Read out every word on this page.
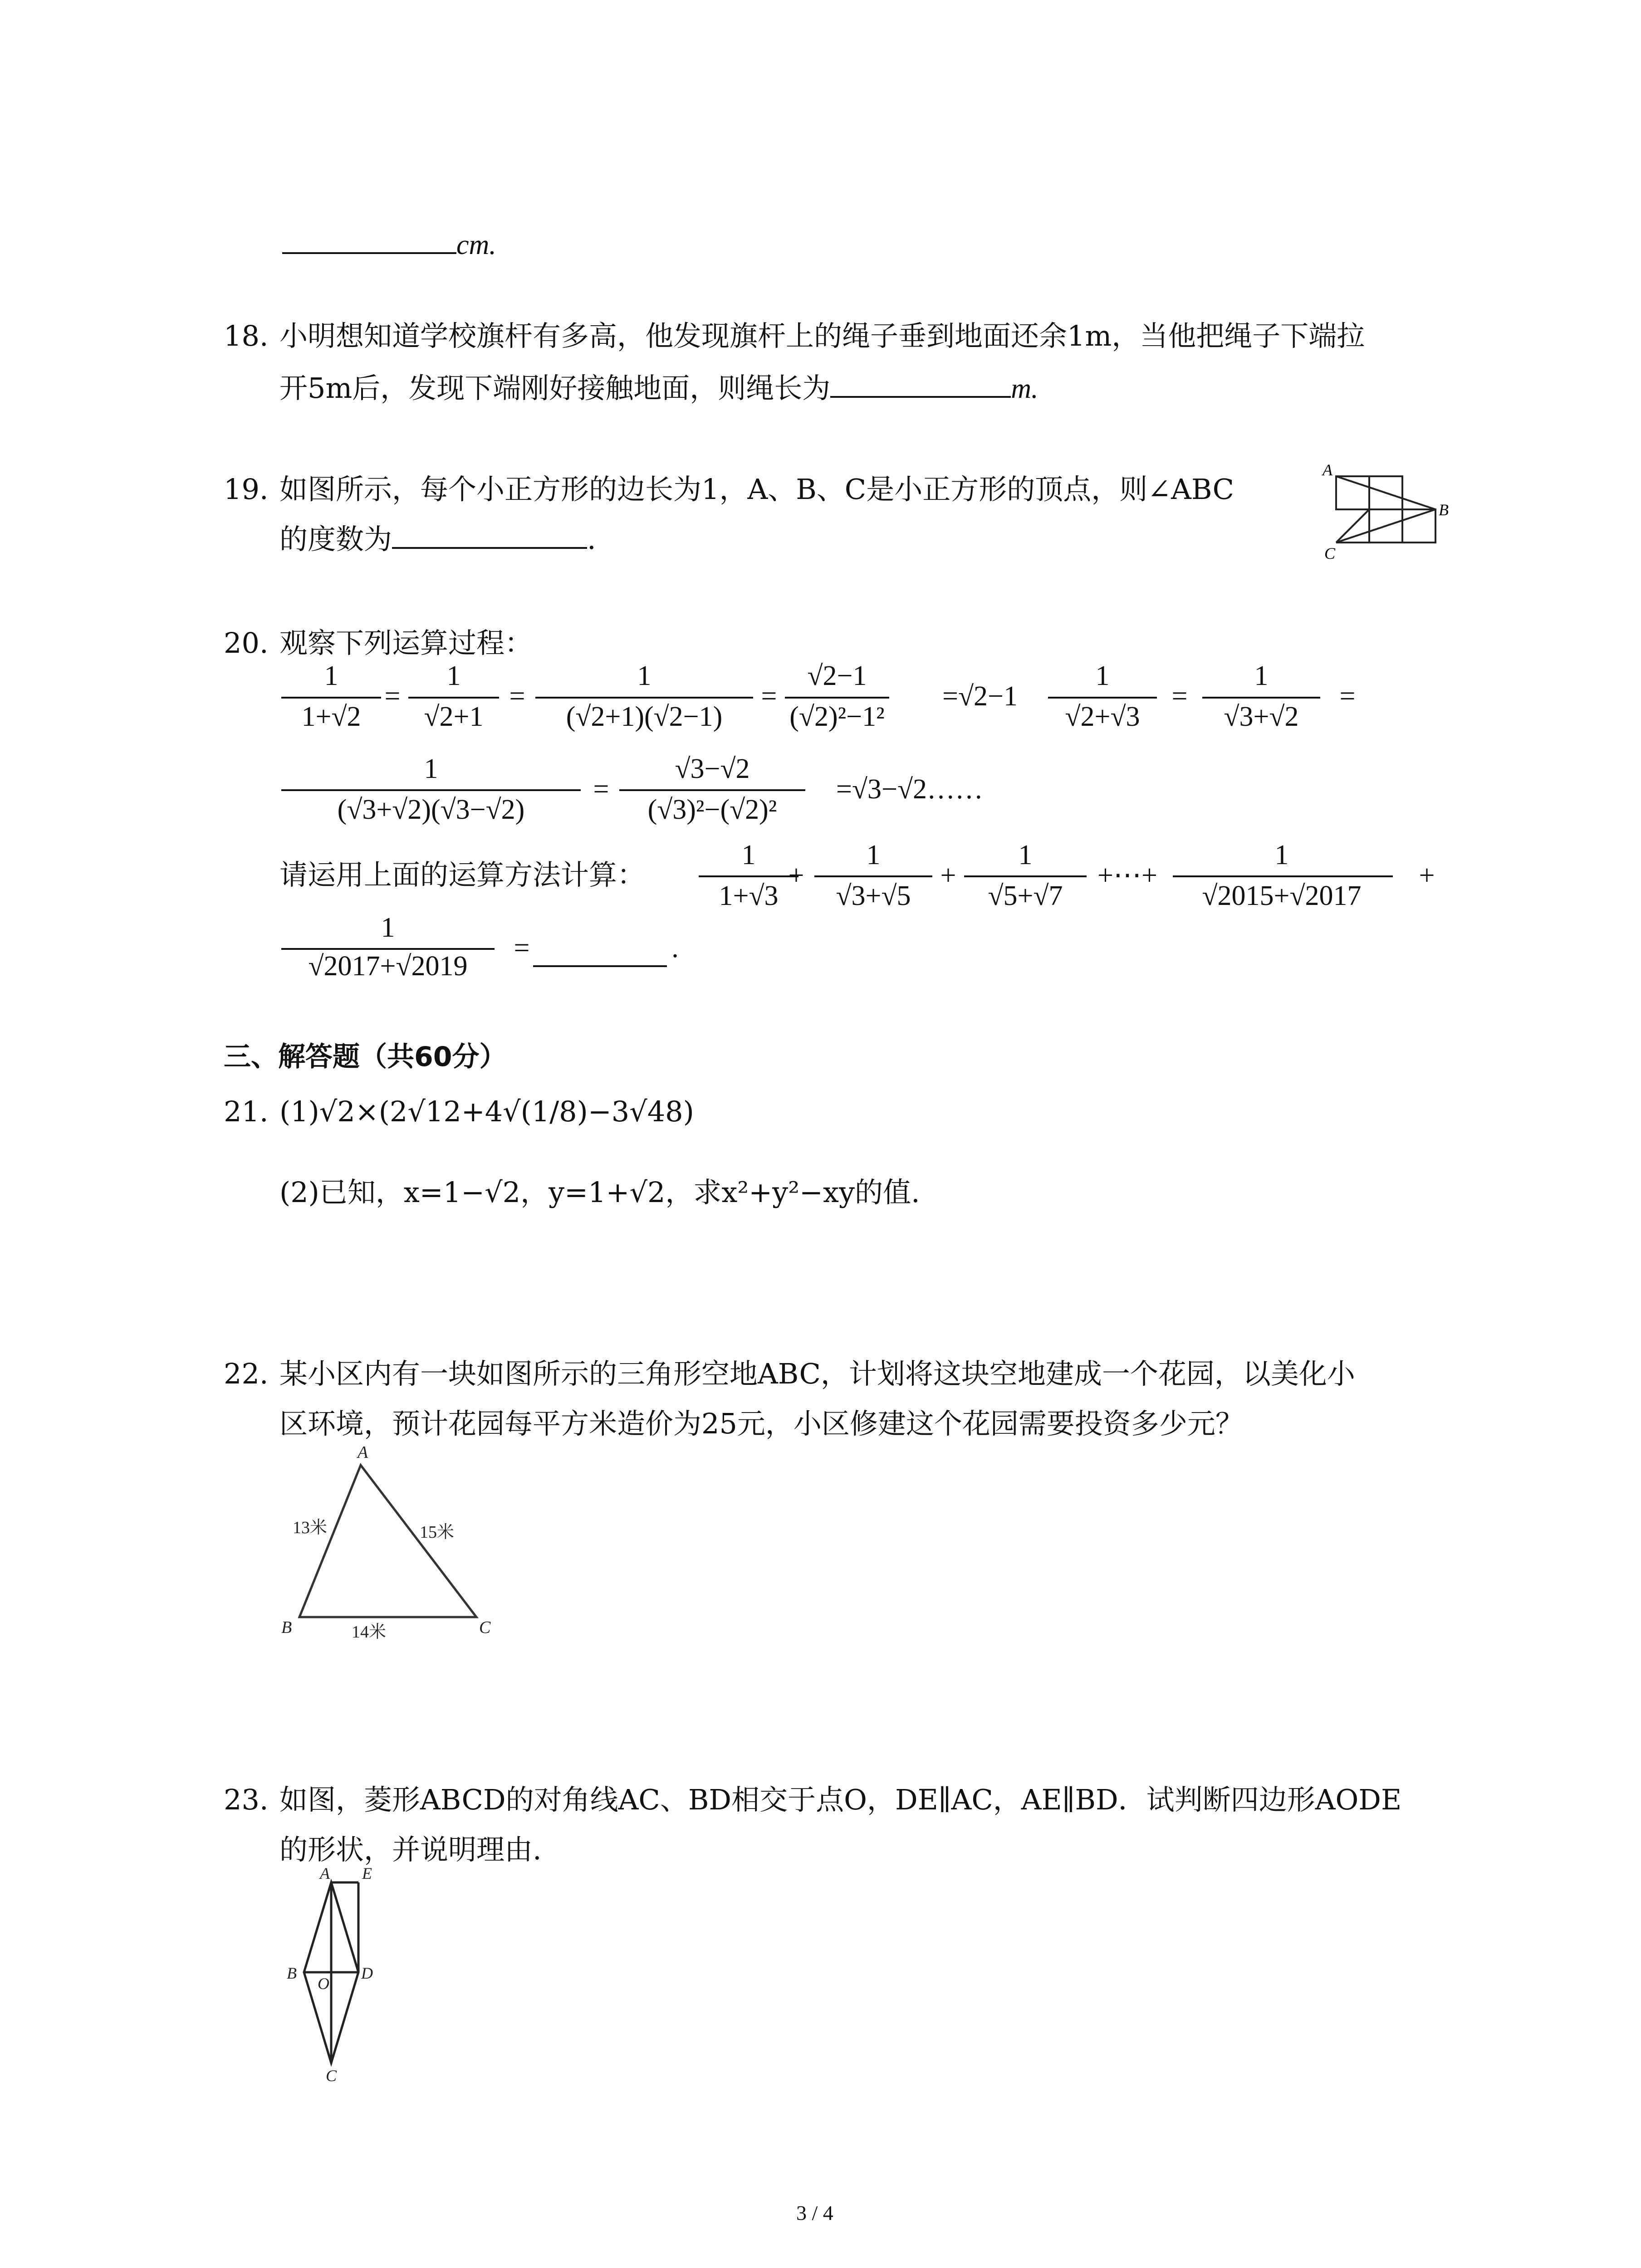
cm.
18. 小明想知道学校旗杆有多高，他发现旗杆上的绳子垂到地面还余1m，当他把绳子下端拉
开5m后，发现下端刚好接触地面，则绳长为	m.
19. 如图所示，每个小正方形的边长为1，A、B、C是小正方形的顶点，则∠ABC
的度数为	.
A
B
C
20. 观察下列运算过程：
1
1+√2
=
1
√2+1
=
1
(√2+1)(√2−1)
=
√2−1
(√2)²−1²
=√2−1
1
√2+√3
=
1
√3+√2
=
1
(√3+√2)(√3−√2)
=
√3−√2
(√3)²−(√2)²
=√3−√2……
1
1+√3
+
1
√3+√5
+
1
√5+√7
+⋯+
1
√2015+√2017
+
1
√2017+√2019
=	.
请运用上面的运算方法计算：
三、解答题（共60分）
21. (1)√2×(2√12+4√(1/8)−3√48)
(2)已知，x=1−√2，y=1+√2，求x²+y²−xy的值.
22. 某小区内有一块如图所示的三角形空地ABC，计划将这块空地建成一个花园，以美化小
区环境，预计花园每平方米造价为25元，小区修建这个花园需要投资多少元？
A
B	C
13米	15米
14米
23. 如图，菱形ABCD的对角线AC、BD相交于点O，DE∥AC，AE∥BD．试判断四边形AODE
的形状，并说明理由.
A
B
C
D
E
O
3 / 4
